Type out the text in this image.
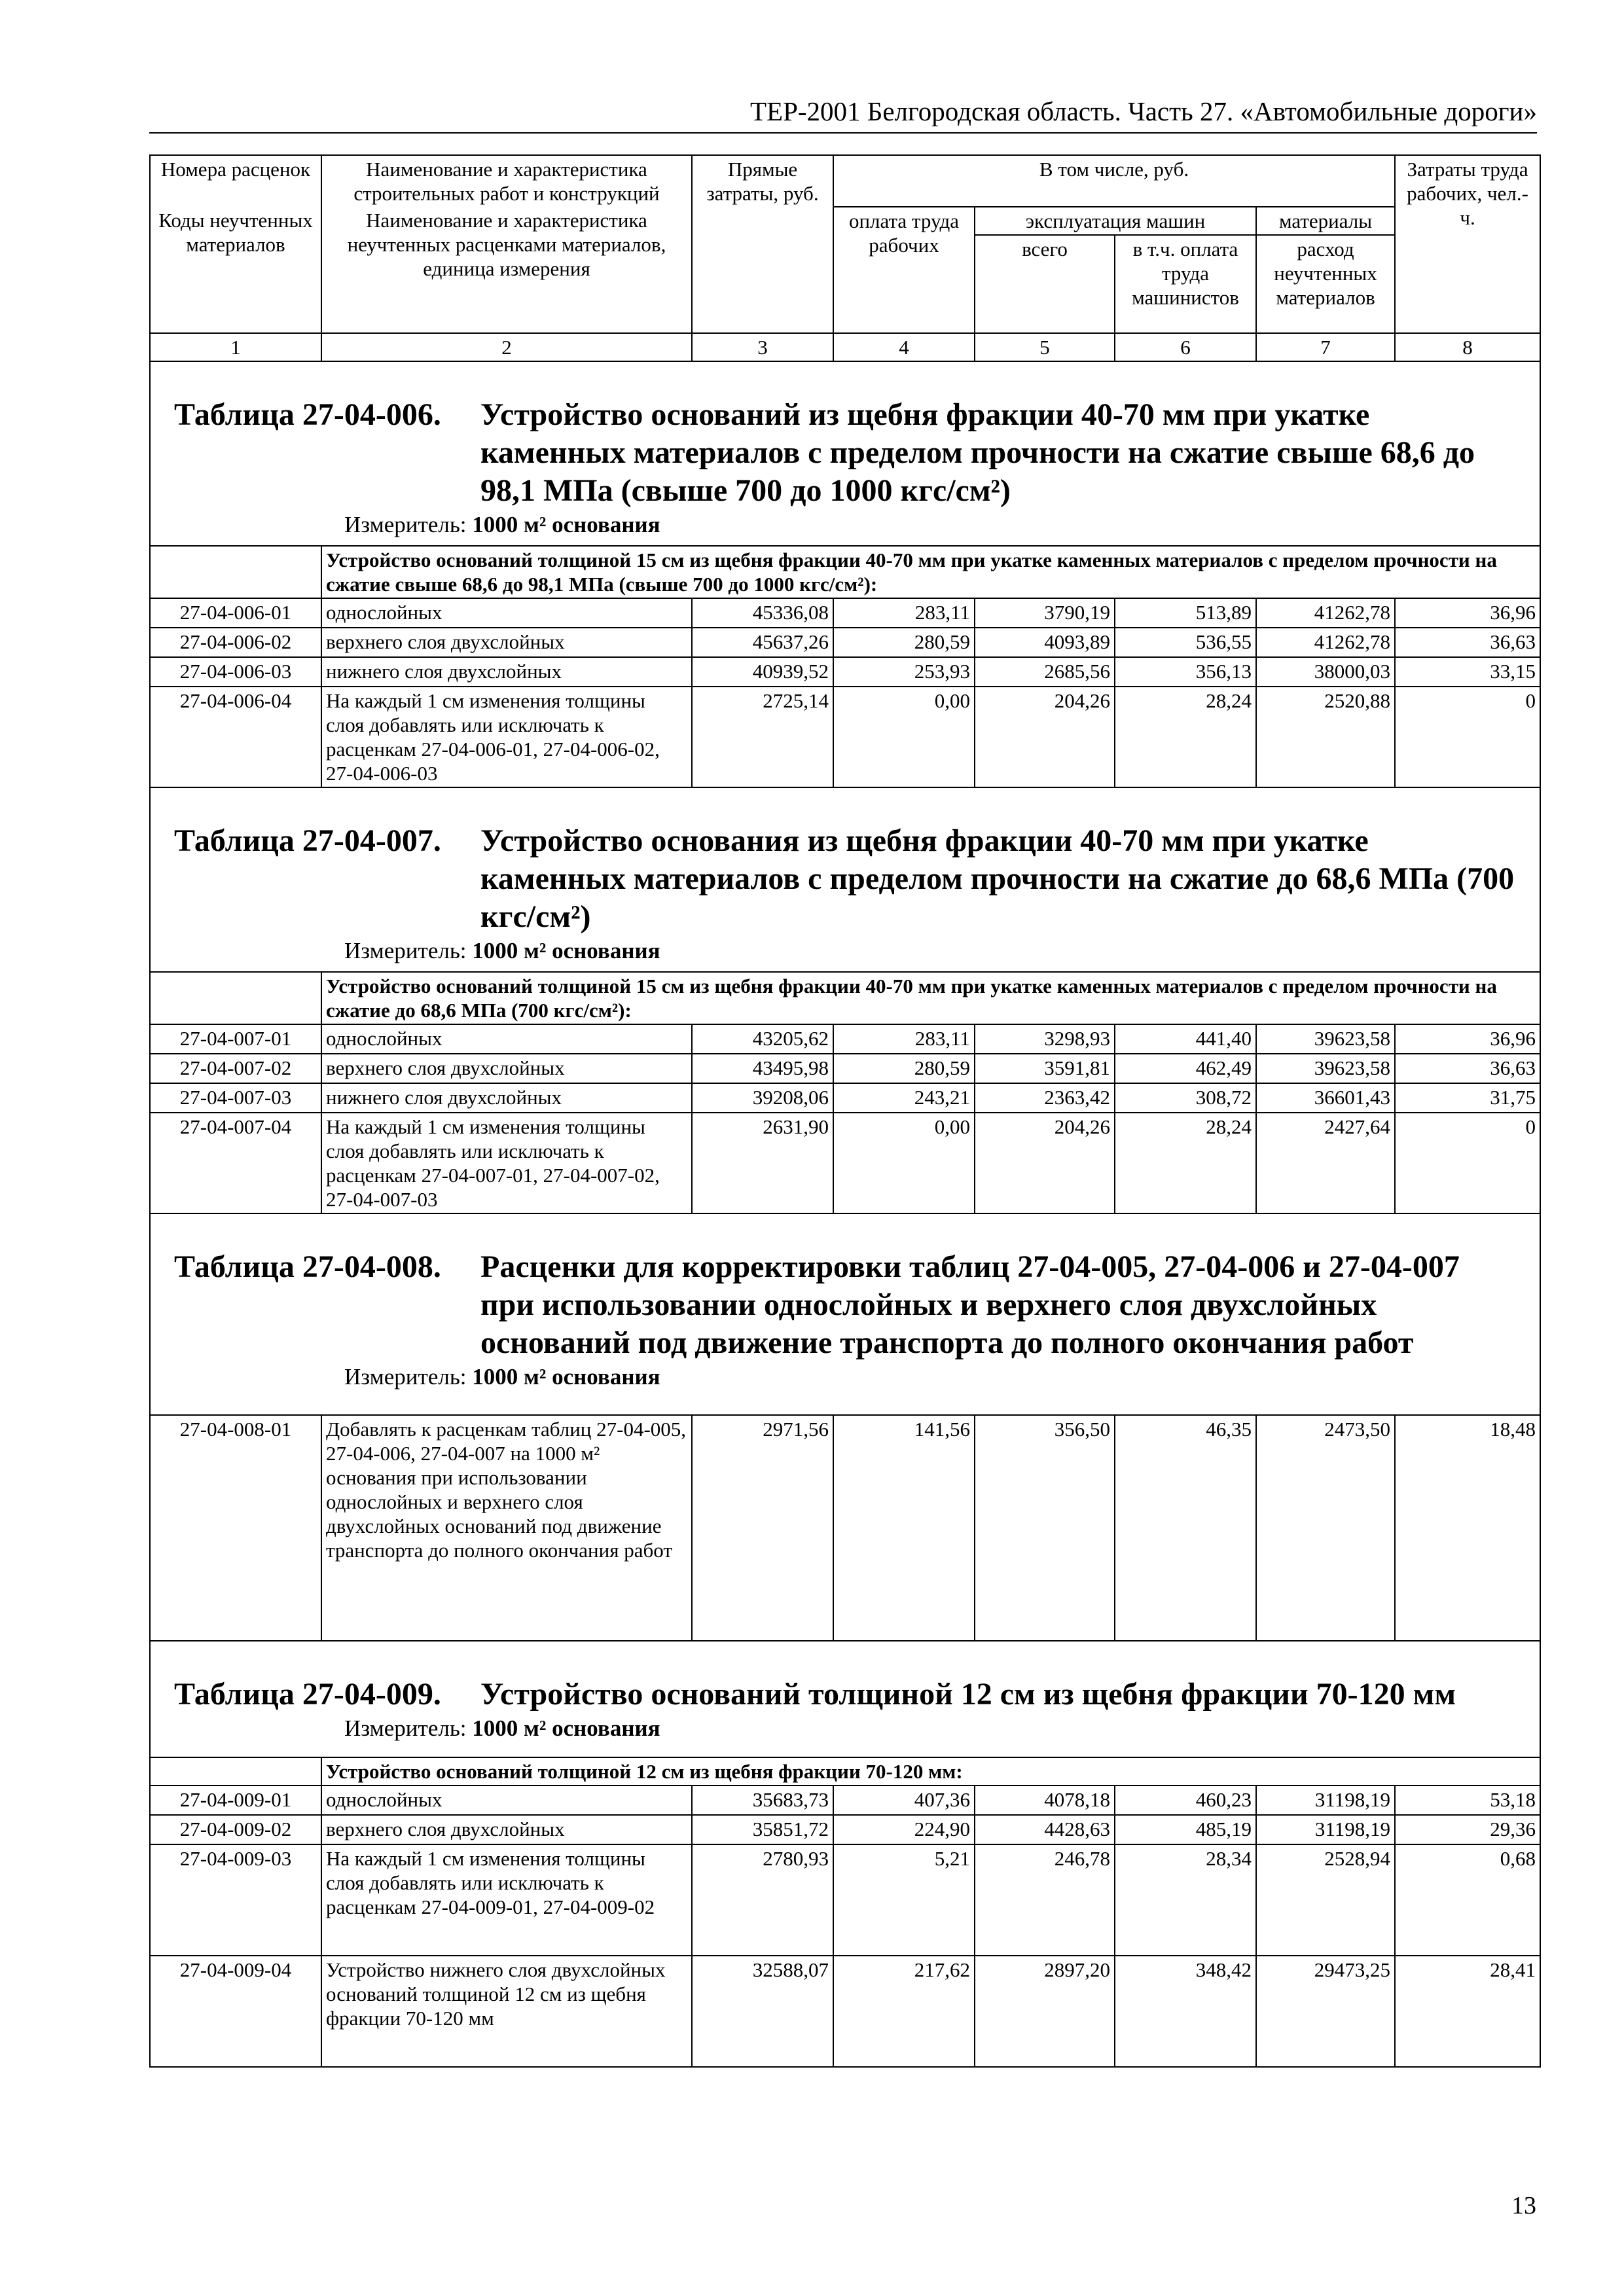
ТЕР-2001 Белгородская область. Часть 27. «Автомобильные дороги»
Номера расценок	Наименование и характеристика строительных работ и конструкций	Прямые затраты, руб.	В том числе, руб.				Затраты труда рабочих, чел.-ч.
Коды неучтенных материалов	Наименование и характеристика неучтенных расценками материалов, единица измерения		оплата труда рабочих	эксплуатация машин		материалы	
				всего	в т.ч. оплата труда машинистов	расход неучтенных материалов	
1	2	3	4	5	6	7	8

Таблица 27-04-006. Устройство оснований из щебня фракции 40-70 мм при укатке каменных материалов с пределом прочности на сжатие свыше 68,6 до 98,1 МПа (свыше 700 до 1000 кгс/см²)
Измеритель: 1000 м² основания							

	Устройство оснований толщиной 15 см из щебня фракции 40-70 мм при укатке каменных материалов с пределом прочности на сжатие свыше 68,6 до 98,1 МПа (свыше 700 до 1000 кгс/см²):						
27-04-006-01	однослойных	45336,08	283,11	3790,19	513,89	41262,78	36,96
27-04-006-02	верхнего слоя двухслойных	45637,26	280,59	4093,89	536,55	41262,78	36,63
27-04-006-03	нижнего слоя двухслойных	40939,52	253,93	2685,56	356,13	38000,03	33,15
27-04-006-04	На каждый 1 см изменения толщины слоя добавлять или исключать к расценкам 27-04-006-01, 27-04-006-02, 27-04-006-03	2725,14	0,00	204,26	28,24	2520,88	0

Таблица 27-04-007. Устройство основания из щебня фракции 40-70 мм при укатке каменных материалов с пределом прочности на сжатие до 68,6 МПа (700 кгс/см²)
Измеритель: 1000 м² основания							

	Устройство оснований толщиной 15 см из щебня фракции 40-70 мм при укатке каменных материалов с пределом прочности на сжатие до 68,6 МПа (700 кгс/см²):						
27-04-007-01	однослойных	43205,62	283,11	3298,93	441,40	39623,58	36,96
27-04-007-02	верхнего слоя двухслойных	43495,98	280,59	3591,81	462,49	39623,58	36,63
27-04-007-03	нижнего слоя двухслойных	39208,06	243,21	2363,42	308,72	36601,43	31,75
27-04-007-04	На каждый 1 см изменения толщины слоя добавлять или исключать к расценкам 27-04-007-01, 27-04-007-02, 27-04-007-03	2631,90	0,00	204,26	28,24	2427,64	0

Таблица 27-04-008. Расценки для корректировки таблиц 27-04-005, 27-04-006 и 27-04-007 при использовании однослойных и верхнего слоя двухслойных оснований под движение транспорта до полного окончания работ
Измеритель: 1000 м² основания							

27-04-008-01	Добавлять к расценкам таблиц 27-04-005, 27-04-006, 27-04-007 на 1000 м² основания при использовании однослойных и верхнего слоя двухслойных оснований под движение транспорта до полного окончания работ	2971,56	141,56	356,50	46,35	2473,50	18,48

Таблица 27-04-009. Устройство оснований толщиной 12 см из щебня фракции 70-120 мм
Измеритель: 1000 м² основания							

	Устройство оснований толщиной 12 см из щебня фракции 70-120 мм:						
27-04-009-01	однослойных	35683,73	407,36	4078,18	460,23	31198,19	53,18
27-04-009-02	верхнего слоя двухслойных	35851,72	224,90	4428,63	485,19	31198,19	29,36
27-04-009-03	На каждый 1 см изменения толщины слоя добавлять или исключать к расценкам 27-04-009-01, 27-04-009-02	2780,93	5,21	246,78	28,34	2528,94	0,68
27-04-009-04	Устройство нижнего слоя двухслойных оснований толщиной 12 см из щебня фракции 70-120 мм	32588,07	217,62	2897,20	348,42	29473,25	28,41
13
